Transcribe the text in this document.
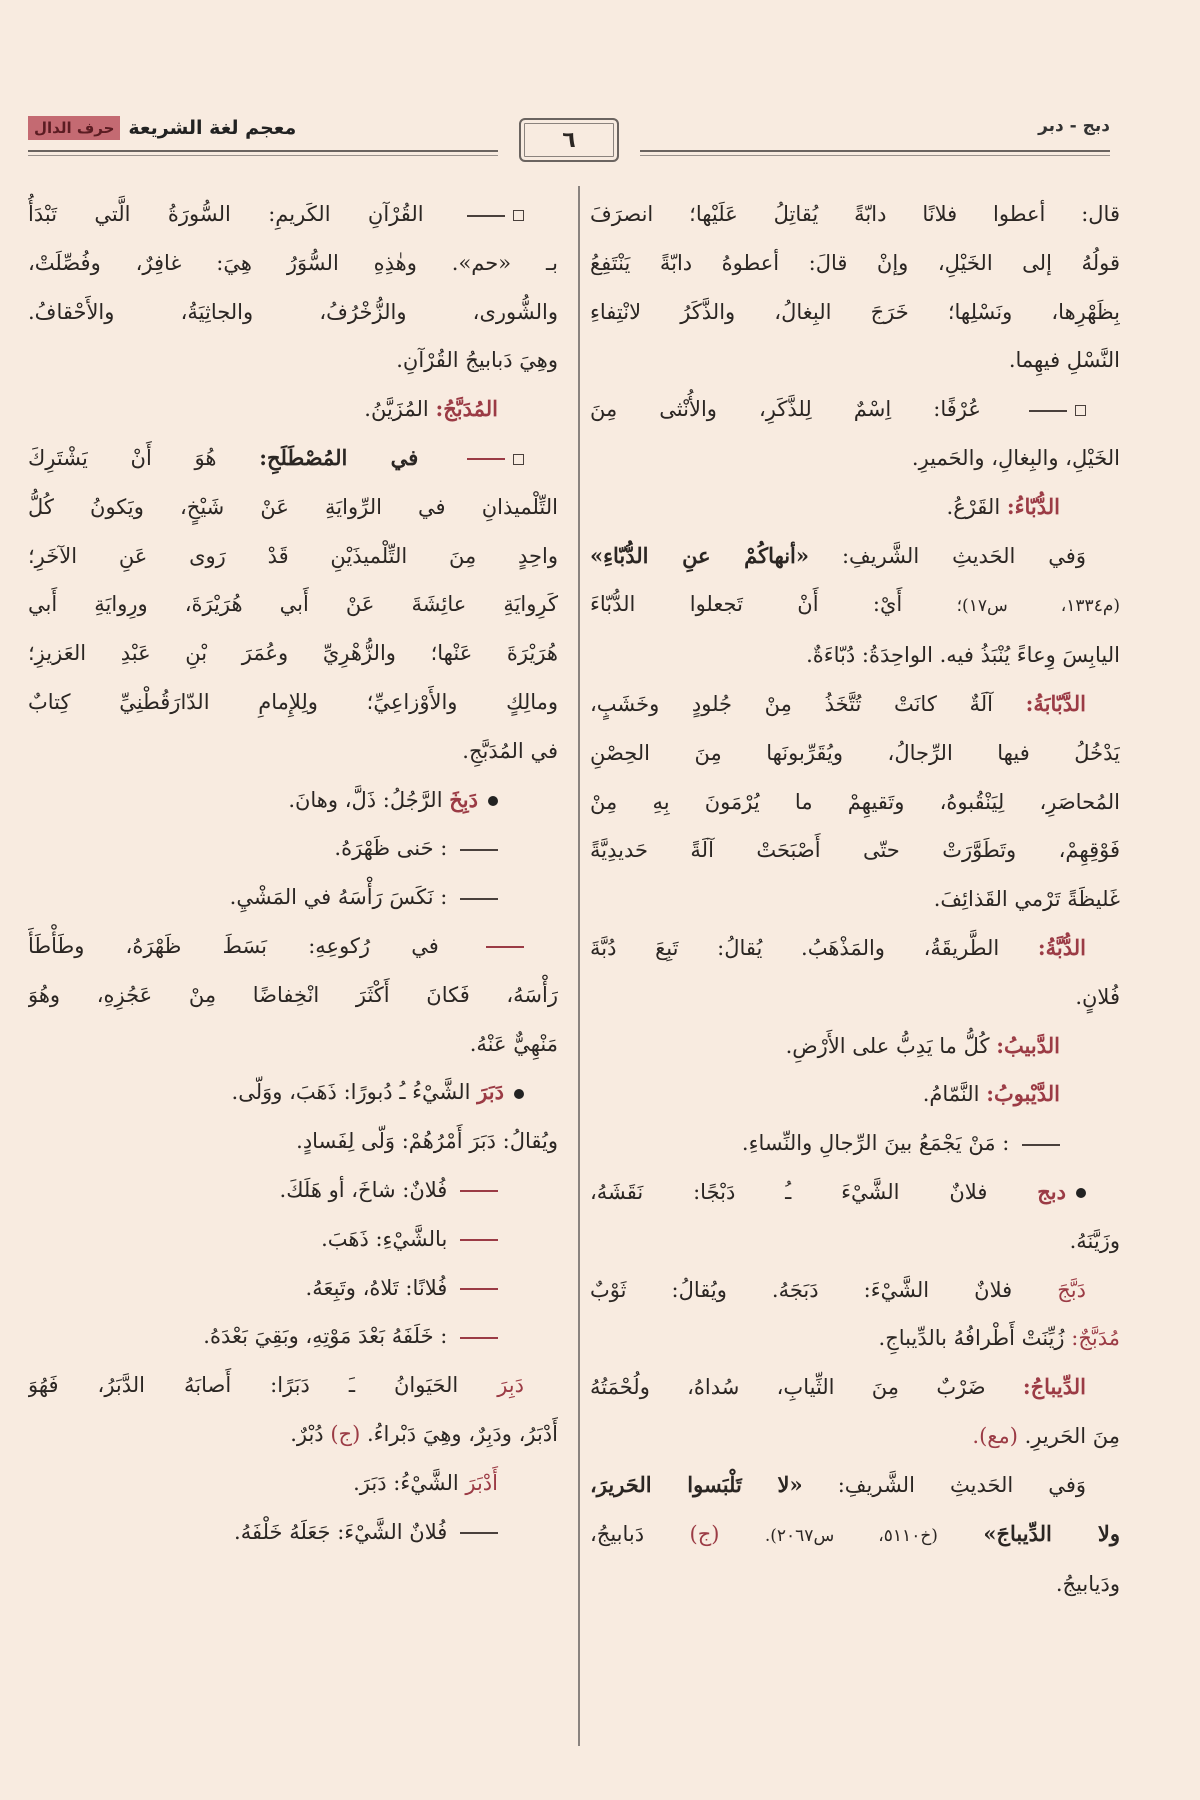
معجم لغة الشريعة
حرف الدال	٦
دبج - دبر
قال: أعطوا فلانًا دابّةً يُقاتِلُ عَلَيْها؛ انصرَفَ
قولُهُ إلى الخَيْلِ، وإنْ قالَ: أعطوهُ دابّةً يَنْتَفِعُ
بِظَهْرِها، ونَسْلِها؛ خَرَجَ البِغالُ، والذَّكَرُ لانْتِفاءِ
النَّسْلِ فيهِما.
عُرْفًا: اِسْمٌ لِلذَّكَرِ، والأُنْثى مِنَ
الخَيْلِ، والبِغالِ، والحَميرِ.
الدُّبّاءُ: القَرْعُ.
وَفي الحَديثِ الشَّريفِ: «أنهاكُمْ عنِ الدُّبّاءِ»
(م١٣٣٤، س١٧)؛ أَيْ: أَنْ تَجعلوا الدُّبّاءَ
اليابِسَ وِعاءً يُنْبَذُ فيه. الواحِدَةُ: دُبّاءَةٌ.
الدَّبّابَةُ: آلَةٌ كانَتْ تُتَّخَذُ مِنْ جُلودٍ وخَشَبٍ،
يَدْخُلُ فيها الرِّجالُ، ويُقَرِّبونَها مِنَ الحِصْنِ
المُحاصَرِ، لِيَنْقُبوهُ، وتَقيهِمْ ما يُرْمَونَ بِهِ مِنْ
فَوْقِهِمْ، وتَطَوَّرَتْ حتّى أَصْبَحَتْ آلَةً حَديدِيَّةً
غَليظَةً تَرْمي القَذائِفَ.
الدُّبَّةُ: الطَّريقَةُ، والمَذْهَبُ. يُقالُ: تَبِعَ دُبَّةَ
فُلانٍ.
الدَّبيبُ: كُلُّ ما يَدِبُّ على الأَرْضِ.
الدَّيْبوبُ: النَّمّامُ.
: مَنْ يَجْمَعُ بينَ الرِّجالِ والنِّساءِ.
دبج فلانٌ الشَّيْءَ ـُ دَبْجًا: نَقَشَهُ،
وزَيَّنَهُ.
دَبَّجَ فلانٌ الشَّيْءَ: دَبَجَهُ. ويُقالُ: ثَوْبٌ
مُدَبَّجٌ: زُيِّنَتْ أَطْرافُهُ بالدِّيباجِ.
الدِّيباجُ: ضَرْبٌ مِنَ الثِّيابِ، سُداهُ، ولُحْمَتُهُ
مِنَ الحَريرِ. (مع).
وَفي الحَديثِ الشَّريفِ: «لا تَلْبَسوا الحَريرَ،
ولا الدِّيباجَ» (خ٥١١٠، س٢٠٦٧). (ج) دَبابيجُ،
ودَيابيجُ.
القُرْآنِ الكَريمِ: السُّورَةُ الَّتي تَبْدَأُ
بـ «حم». وهٰذِهِ السُّوَرُ هِيَ: غافِرٌ، وفُصِّلَتْ،
والشُّورى، والزُّخْرُفُ، والجاثِيَةُ، والأَحْقافُ.
وهِيَ دَبابيجُ القُرْآنِ.
المُدَبَّجُ: المُزَيَّنُ.
في المُصْطَلَحِ: هُوَ أَنْ يَشْتَرِكَ
التِّلْميذانِ في الرِّوايَةِ عَنْ شَيْخٍ، ويَكونُ كُلُّ
واحِدٍ مِنَ التِّلْميذَيْنِ قَدْ رَوى عَنِ الآخَرِ؛
كَرِوايَةِ عائِشَةَ عَنْ أَبي هُرَيْرَةَ، ورِوايَةِ أَبي
هُرَيْرَةَ عَنْها؛ والزُّهْرِيِّ وعُمَرَ بْنِ عَبْدِ العَزيزِ؛
ومالِكٍ والأَوْزاعِيِّ؛ ولِلإِمامِ الدّارَقُطْنِيِّ كِتابٌ
في المُدَبَّجِ.
دَبِخَ الرَّجُلُ: ذَلَّ، وهانَ.
: حَنى ظَهْرَهُ.
: نَكَسَ رَأْسَهُ في المَشْيِ.
في رُكوعِهِ: بَسَطَ ظَهْرَهُ، وطَأْطَأَ
رَأْسَهُ، فَكانَ أَكْثَرَ انْخِفاضًا مِنْ عَجُزِهِ، وهُوَ
مَنْهِيٌّ عَنْهُ.
دَبَرَ الشَّيْءُ ـُ دُبورًا: ذَهَبَ، ووَلّى.
ويُقالُ: دَبَرَ أَمْرُهُمْ: وَلّى لِفَسادٍ.
فُلانٌ: شاخَ، أو هَلَكَ.
بالشَّيْءِ: ذَهَبَ.
فُلانًا: تَلاهُ، وتَبِعَهُ.
: خَلَفَهُ بَعْدَ مَوْتِهِ، وبَقِيَ بَعْدَهُ.
دَبِرَ الحَيَوانُ ـَ دَبَرًا: أَصابَهُ الدَّبَرُ، فَهُوَ
أَدْبَرُ، ودَبِرٌ، وهِيَ دَبْراءُ. (ج) دُبْرٌ.
أَدْبَرَ الشَّيْءُ: دَبَرَ.
فُلانٌ الشَّيْءَ: جَعَلَهُ خَلْفَهُ.
